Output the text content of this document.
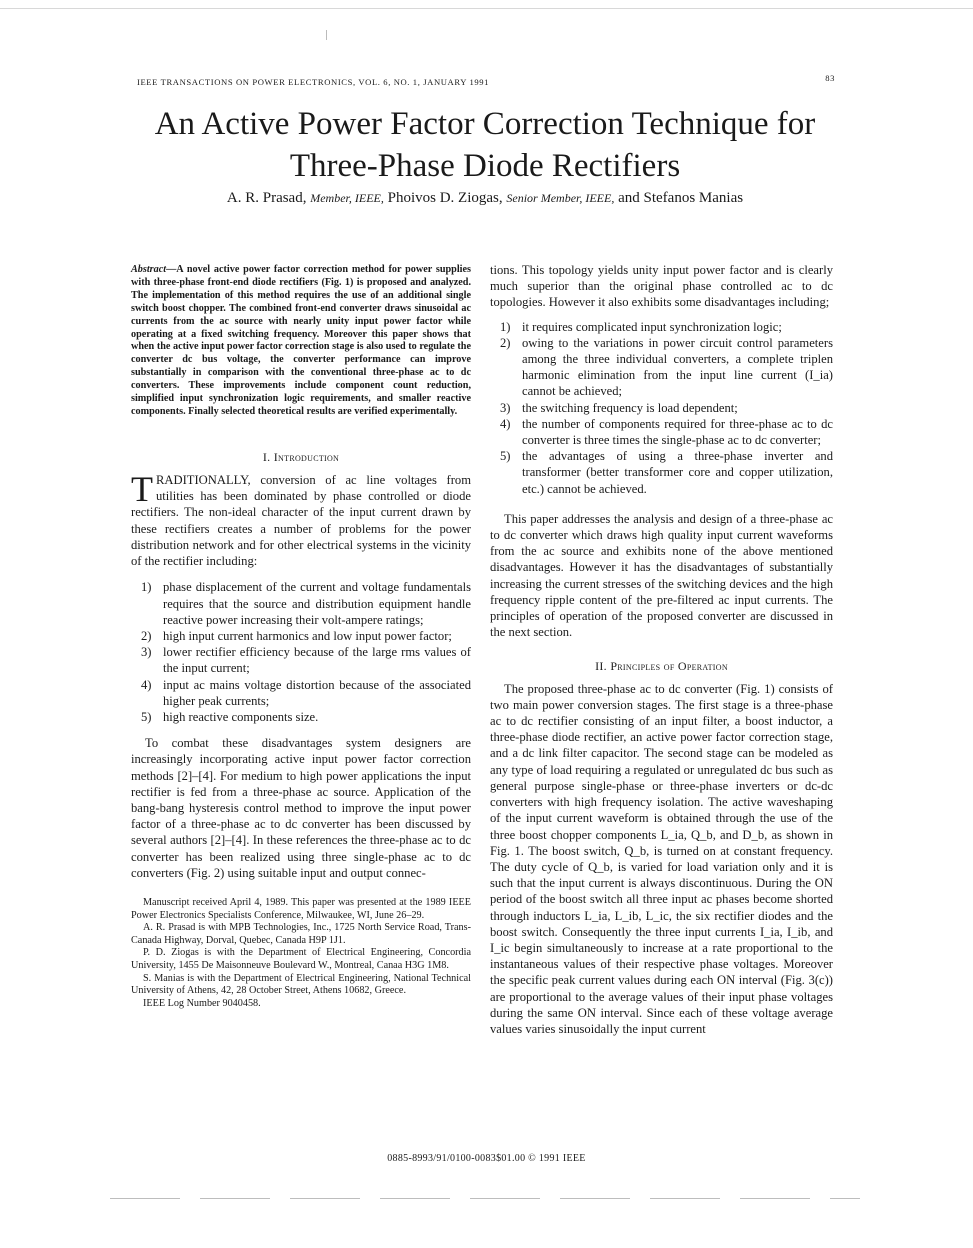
IEEE TRANSACTIONS ON POWER ELECTRONICS, VOL. 6, NO. 1, JANUARY 1991	83
An Active Power Factor Correction Technique for
Three-Phase Diode Rectifiers
A. R. Prasad, Member, IEEE, Phoivos D. Ziogas, Senior Member, IEEE, and Stefanos Manias

Abstract—A novel active power factor correction method for power supplies with three-phase front-end diode rectifiers (Fig. 1) is proposed and analyzed. The implementation of this method requires the use of an additional single switch boost chopper. The combined front-end converter draws sinusoidal ac currents from the ac source with nearly unity input power factor while operating at a fixed switching frequency. Moreover this paper shows that when the active input power factor correction stage is also used to regulate the converter dc bus voltage, the converter performance can improve substantially in comparison with the conventional three-phase ac to dc converters. These improvements include component count reduction, simplified input synchronization logic requirements, and smaller reactive components. Finally selected theoretical results are verified experimentally.

I. Introduction

TRADITIONALLY, conversion of ac line voltages from utilities has been dominated by phase controlled or diode rectifiers. The non-ideal character of the input current drawn by these rectifiers creates a number of problems for the power distribution network and for other electrical systems in the vicinity of the rectifier including:

1) phase displacement of the current and voltage fundamentals requires that the source and distribution equipment handle reactive power increasing their volt-ampere ratings;
2) high input current harmonics and low input power factor;
3) lower rectifier efficiency because of the large rms values of the input current;
4) input ac mains voltage distortion because of the associated higher peak currents;
5) high reactive components size.

To combat these disadvantages system designers are increasingly incorporating active input power factor correction methods [2]–[4]. For medium to high power applications the input rectifier is fed from a three-phase ac source. Application of the bang-bang hysteresis control method to improve the input power factor of a three-phase ac to dc converter has been discussed by several authors [2]–[4]. In these references the three-phase ac to dc converter has been realized using three single-phase ac to dc converters (Fig. 2) using suitable input and output connec-

Manuscript received April 4, 1989. This paper was presented at the 1989 IEEE Power Electronics Specialists Conference, Milwaukee, WI, June 26–29.

A. R. Prasad is with MPB Technologies, Inc., 1725 North Service Road, Trans-Canada Highway, Dorval, Quebec, Canada H9P 1J1.

P. D. Ziogas is with the Department of Electrical Engineering, Concordia University, 1455 De Maisonneuve Boulevard W., Montreal, Canaa H3G 1M8.

S. Manias is with the Department of Electrical Engineering, National Technical University of Athens, 42, 28 October Street, Athens 10682, Greece.

IEEE Log Number 9040458.

tions. This topology yields unity input power factor and is clearly much superior than the original phase controlled ac to dc topologies. However it also exhibits some disadvantages including;

1) it requires complicated input synchronization logic;
2) owing to the variations in power circuit control parameters among the three individual converters, a complete triplen harmonic elimination from the input line current (I_ia) cannot be achieved;
3) the switching frequency is load dependent;
4) the number of components required for three-phase ac to dc converter is three times the single-phase ac to dc converter;
5) the advantages of using a three-phase inverter and transformer (better transformer core and copper utilization, etc.) cannot be achieved.

This paper addresses the analysis and design of a three-phase ac to dc converter which draws high quality input current waveforms from the ac source and exhibits none of the above mentioned disadvantages. However it has the disadvantages of substantially increasing the current stresses of the switching devices and the high frequency ripple content of the pre-filtered ac input currents. The principles of operation of the proposed converter are discussed in the next section.

II. Principles of Operation

The proposed three-phase ac to dc converter (Fig. 1) consists of two main power conversion stages. The first stage is a three-phase ac to dc rectifier consisting of an input filter, a boost inductor, a three-phase diode rectifier, an active power factor correction stage, and a dc link filter capacitor. The second stage can be modeled as any type of load requiring a regulated or unregulated dc bus such as general purpose single-phase or three-phase inverters or dc-dc converters with high frequency isolation. The active waveshaping of the input current waveform is obtained through the use of the three boost chopper components L_ia, Q_b, and D_b, as shown in Fig. 1. The boost switch, Q_b, is turned on at constant frequency. The duty cycle of Q_b, is varied for load variation only and it is such that the input current is always discontinuous. During the ON period of the boost switch all three input ac phases become shorted through inductors L_ia, L_ib, L_ic, the six rectifier diodes and the boost switch. Consequently the three input currents I_ia, I_ib, and I_ic begin simultaneously to increase at a rate proportional to the instantaneous values of their respective phase voltages. Moreover the specific peak current values during each ON interval (Fig. 3(c)) are proportional to the average values of their input phase voltages during the same ON interval. Since each of these voltage average values varies sinusoidally the input current

0885-8993/91/0100-0083$01.00 © 1991 IEEE
